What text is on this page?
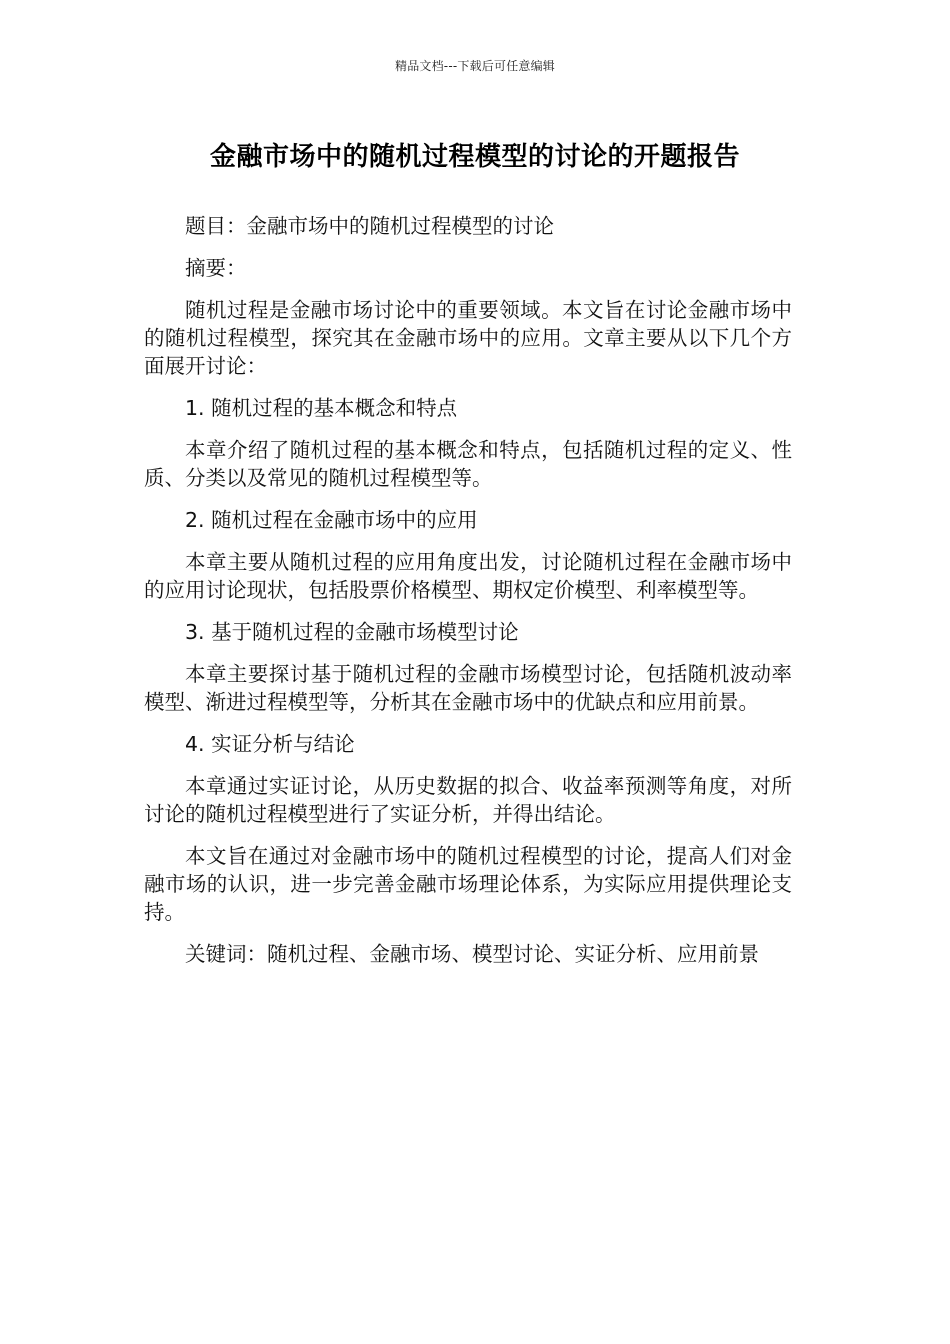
精品文档---下载后可任意编辑
金融市场中的随机过程模型的讨论的开题报告

题目：金融市场中的随机过程模型的讨论

摘要：

随机过程是金融市场讨论中的重要领域。本文旨在讨论金融市场中的随机过程模型，探究其在金融市场中的应用。文章主要从以下几个方面展开讨论：

1. 随机过程的基本概念和特点

本章介绍了随机过程的基本概念和特点，包括随机过程的定义、性质、分类以及常见的随机过程模型等。

2. 随机过程在金融市场中的应用

本章主要从随机过程的应用角度出发，讨论随机过程在金融市场中的应用讨论现状，包括股票价格模型、期权定价模型、利率模型等。

3. 基于随机过程的金融市场模型讨论

本章主要探讨基于随机过程的金融市场模型讨论，包括随机波动率模型、渐进过程模型等，分析其在金融市场中的优缺点和应用前景。

4. 实证分析与结论

本章通过实证讨论，从历史数据的拟合、收益率预测等角度，对所讨论的随机过程模型进行了实证分析，并得出结论。

本文旨在通过对金融市场中的随机过程模型的讨论，提高人们对金融市场的认识，进一步完善金融市场理论体系，为实际应用提供理论支持。

关键词：随机过程、金融市场、模型讨论、实证分析、应用前景
